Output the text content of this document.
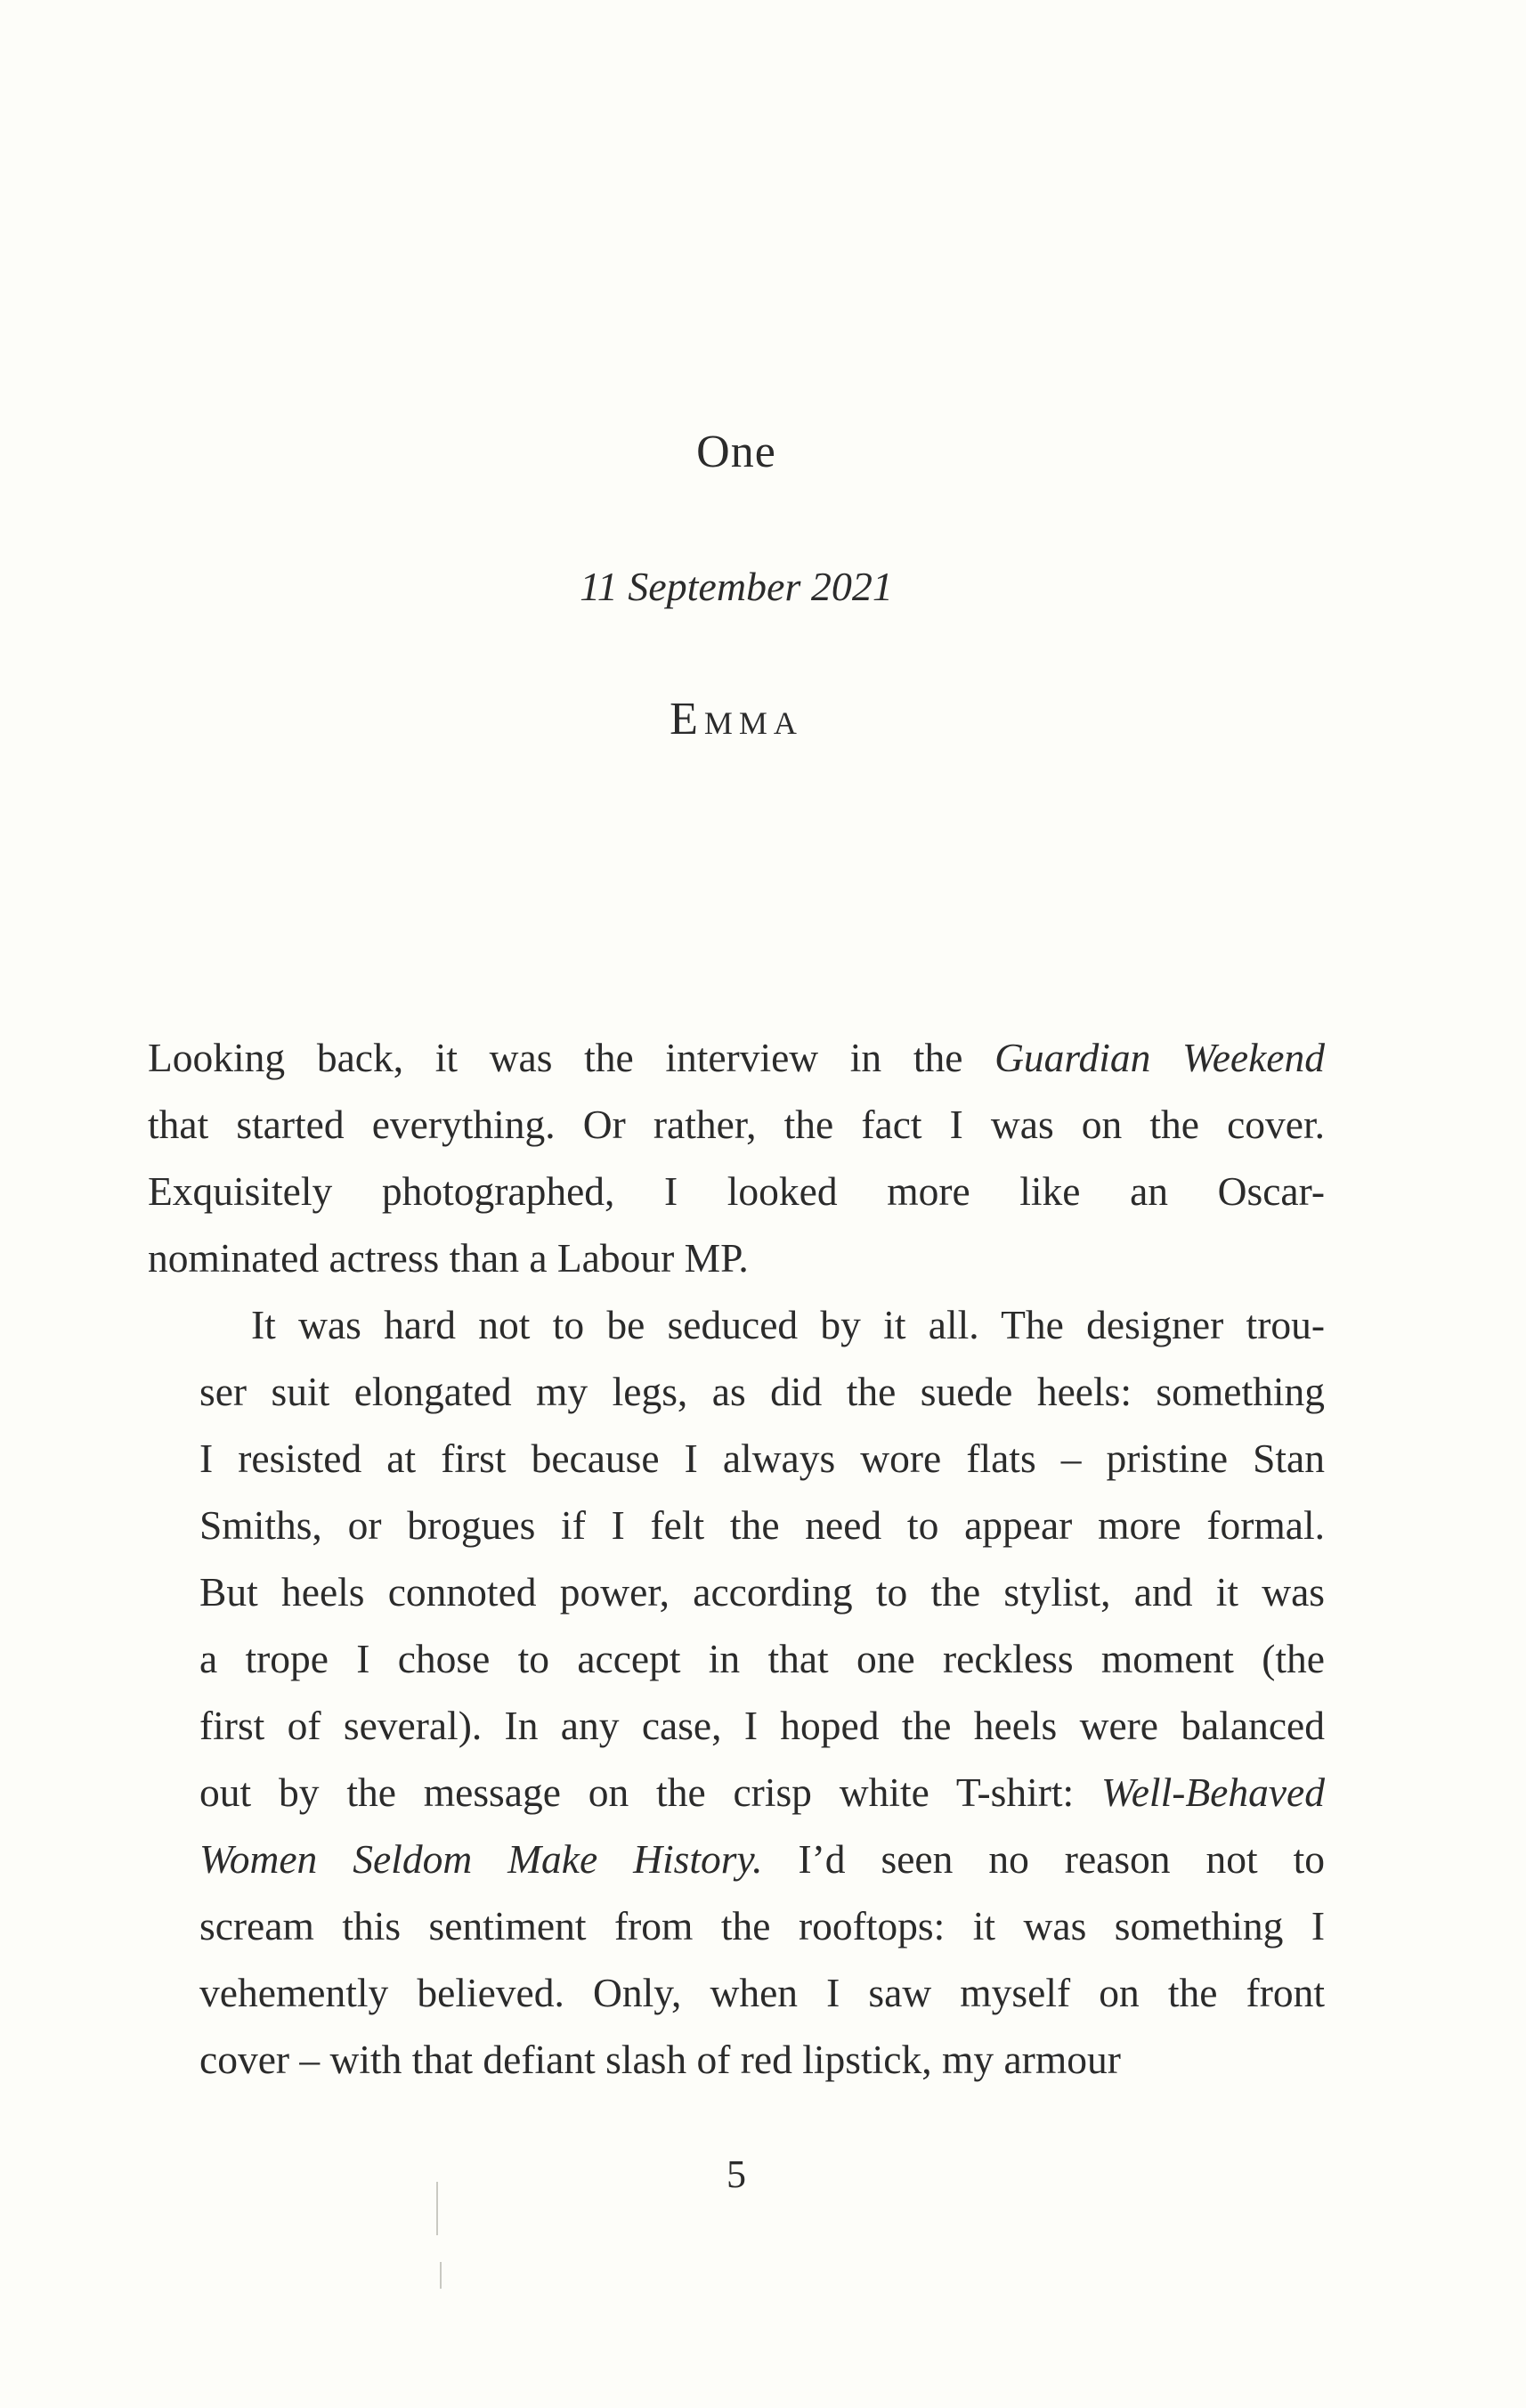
One
11 September 2021
Emma

Looking back, it was the interview in the Guardian Weekend
that started everything. Or rather, the fact I was on the cover.
Exquisitely photographed, I looked more like an Oscar-
nominated actress than a Labour MP.

It was hard not to be seduced by it all. The designer trou-
ser suit elongated my legs, as did the suede heels: something
I resisted at first because I always wore flats – pristine Stan
Smiths, or brogues if I felt the need to appear more formal.
But heels connoted power, according to the stylist, and it was
a trope I chose to accept in that one reckless moment (the
first of several). In any case, I hoped the heels were balanced
out by the message on the crisp white T-shirt: Well-Behaved
Women Seldom Make History. I’d seen no reason not to
scream this sentiment from the rooftops: it was something I
vehemently believed. Only, when I saw myself on the front
cover – with that defiant slash of red lipstick, my armour

5
